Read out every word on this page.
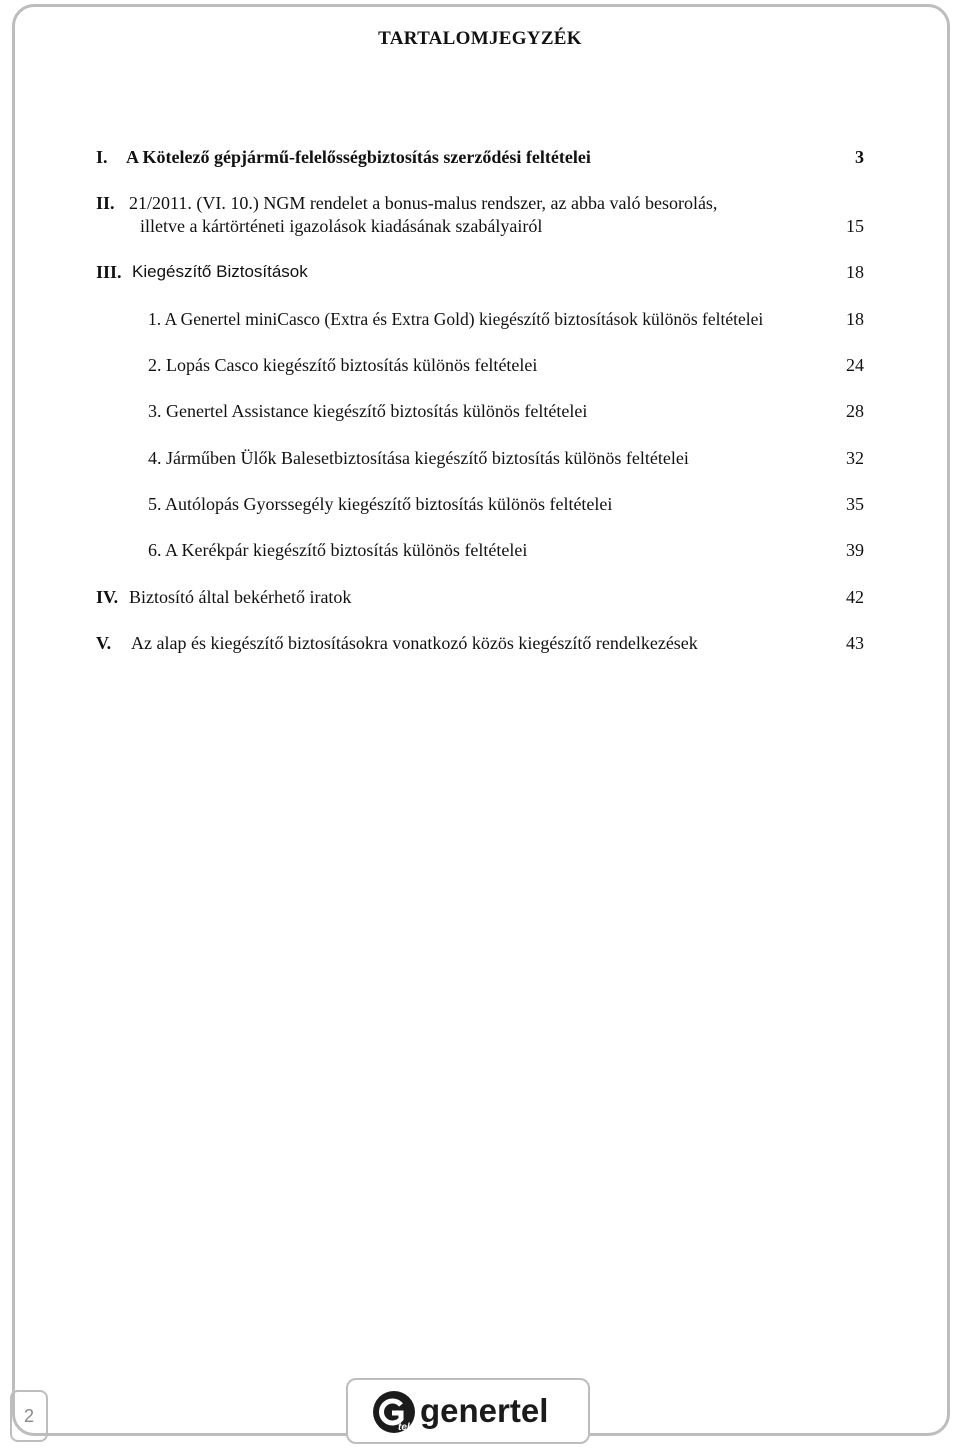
TARTALOMJEGYZÉK
I. A Kötelező gépjármű-felelősségbiztosítás szerződési feltételei	3
II. 21/2011. (VI. 10.) NGM rendelet a bonus-malus rendszer, az abba való besorolás,
illetve a kártörténeti igazolások kiadásának szabályairól	15
III. Kiegészítő Biztosítások	18
1. A Genertel miniCasco (Extra és Extra Gold) kiegészítő biztosítások különös feltételei	18
2. Lopás Casco kiegészítő biztosítás különös feltételei	24
3. Genertel Assistance kiegészítő biztosítás különös feltételei	28
4. Járműben Ülők Balesetbiztosítása kiegészítő biztosítás különös feltételei	32
5. Autólopás Gyorssegély kiegészítő biztosítás különös feltételei	35
6. A Kerékpár kiegészítő biztosítás különös feltételei	39
IV. Biztosító által bekérhető iratok	42
V. Az alap és kiegészítő biztosításokra vonatkozó közös kiegészítő rendelkezések	43
2
tel genertel
